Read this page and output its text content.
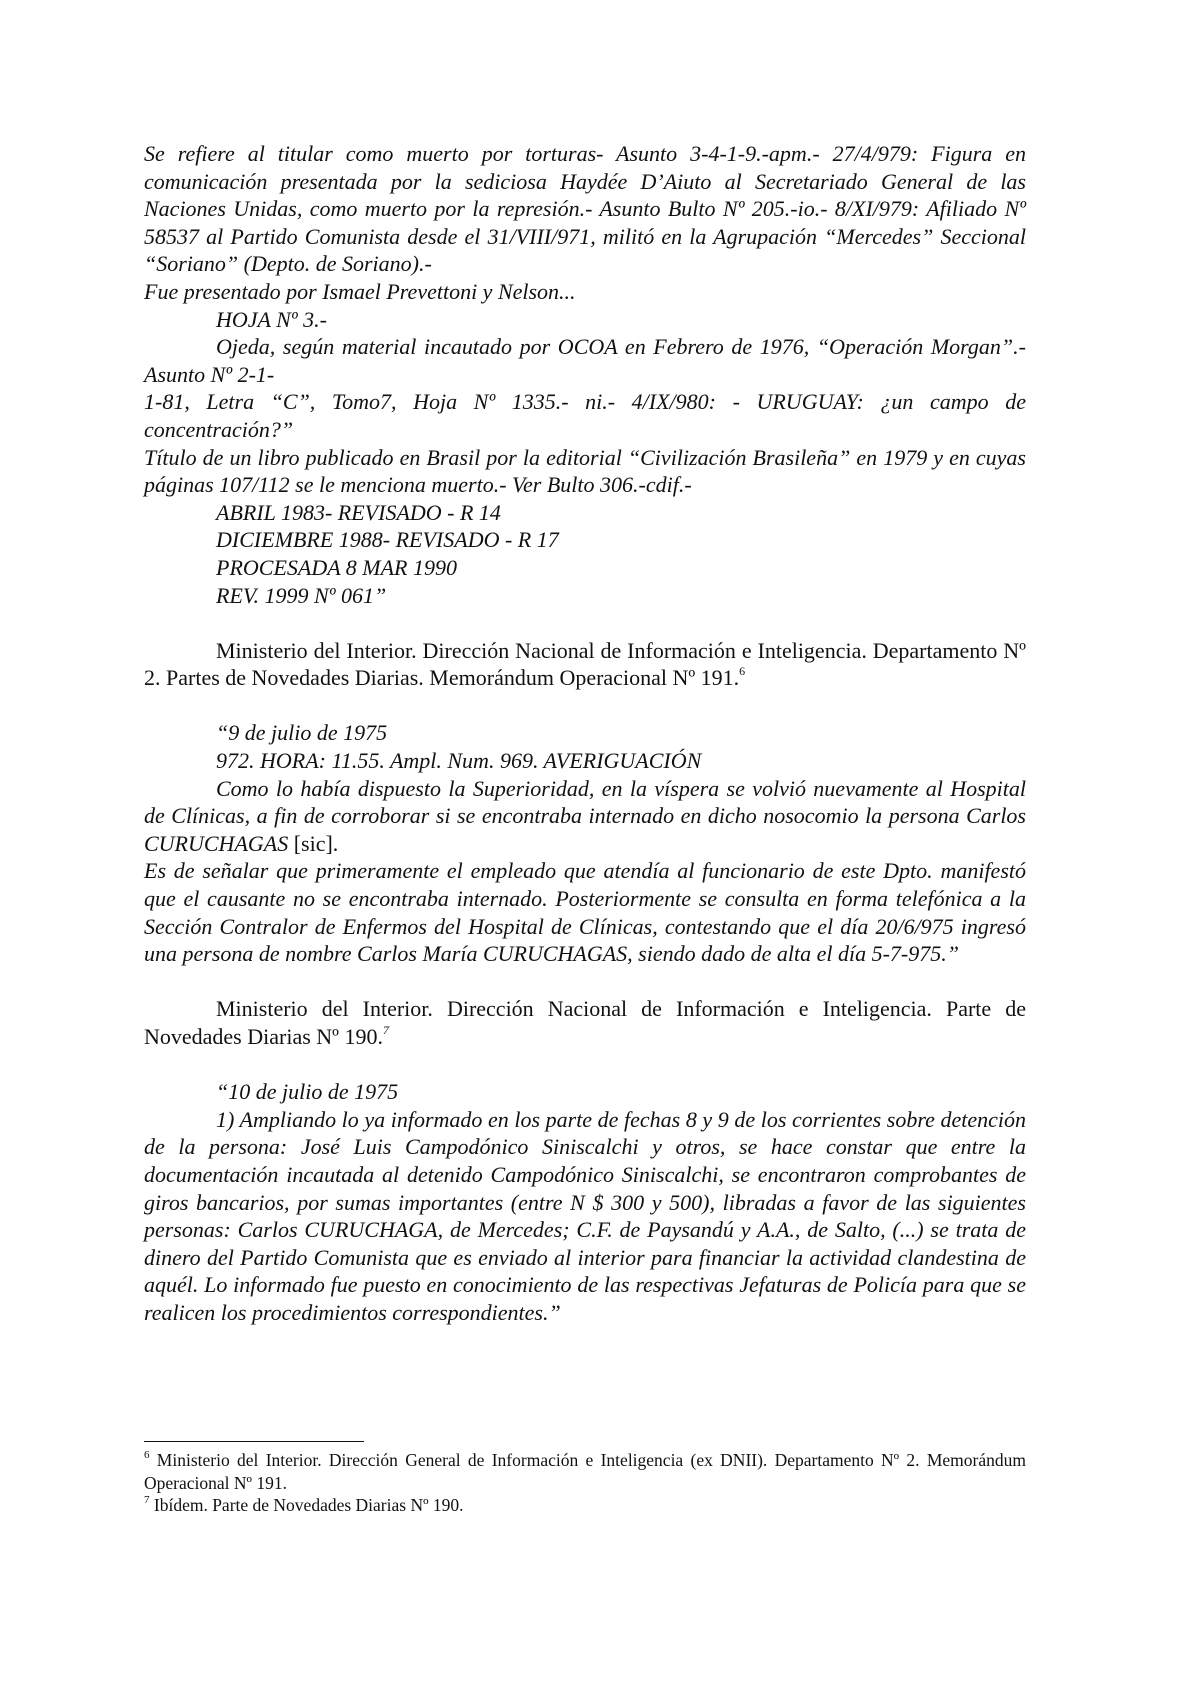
Se refiere al titular como muerto por torturas- Asunto 3-4-1-9.-apm.- 27/4/979: Figura en comunicación presentada por la sediciosa Haydée D’Aiuto al Secretariado General de las Naciones Unidas, como muerto por la represión.- Asunto Bulto Nº 205.-io.- 8/XI/979: Afiliado Nº 58537 al Partido Comunista desde el 31/VIII/971, militó en la Agrupación “Mercedes” Seccional “Soriano” (Depto. de Soriano).-

Fue presentado por Ismael Prevettoni y Nelson...

HOJA Nº 3.-

Ojeda, según material incautado por OCOA en Febrero de 1976, “Operación Morgan”.- Asunto Nº 2-1-

1-81, Letra “C”, Tomo7, Hoja Nº 1335.- ni.- 4/IX/980: - URUGUAY: ¿un campo de concentración?”

Título de un libro publicado en Brasil por la editorial “Civilización Brasileña” en 1979 y en cuyas páginas 107/112 se le menciona muerto.- Ver Bulto 306.-cdif.-

ABRIL 1983- REVISADO - R 14

DICIEMBRE 1988- REVISADO - R 17

PROCESADA 8 MAR 1990

REV. 1999 Nº 061”

Ministerio del Interior. Dirección Nacional de Información e Inteligencia. Departamento Nº 2. Partes de Novedades Diarias. Memorándum Operacional Nº 191.$^6$

“9 de julio de 1975

972. HORA: 11.55. Ampl. Num. 969. AVERIGUACIÓN

Como lo había dispuesto la Superioridad, en la víspera se volvió nuevamente al Hospital de Clínicas, a fin de corroborar si se encontraba internado en dicho nosocomio la persona Carlos CURUCHAGAS [sic].

Es de señalar que primeramente el empleado que atendía al funcionario de este Dpto. manifestó que el causante no se encontraba internado. Posteriormente se consulta en forma telefónica a la Sección Contralor de Enfermos del Hospital de Clínicas, contestando que el día 20/6/975 ingresó una persona de nombre Carlos María CURUCHAGAS, siendo dado de alta el día 5-7-975.”

Ministerio del Interior. Dirección Nacional de Información e Inteligencia. Parte de Novedades Diarias Nº 190.$^7$

“10 de julio de 1975

1) Ampliando lo ya informado en los parte de fechas 8 y 9 de los corrientes sobre detención de la persona: José Luis Campodónico Siniscalchi y otros, se hace constar que entre la documentación incautada al detenido Campodónico Siniscalchi, se encontraron comprobantes de giros bancarios, por sumas importantes (entre N $ 300 y 500), libradas a favor de las siguientes personas: Carlos CURUCHAGA, de Mercedes; C.F. de Paysandú y A.A., de Salto, (...) se trata de dinero del Partido Comunista que es enviado al interior para financiar la actividad clandestina de aquél. Lo informado fue puesto en conocimiento de las respectivas Jefaturas de Policía para que se realicen los procedimientos correspondientes.”

$^6$ Ministerio del Interior. Dirección General de Información e Inteligencia (ex DNII). Departamento Nº 2. Memorándum Operacional Nº 191.

$^7$ Ibídem. Parte de Novedades Diarias Nº 190.
